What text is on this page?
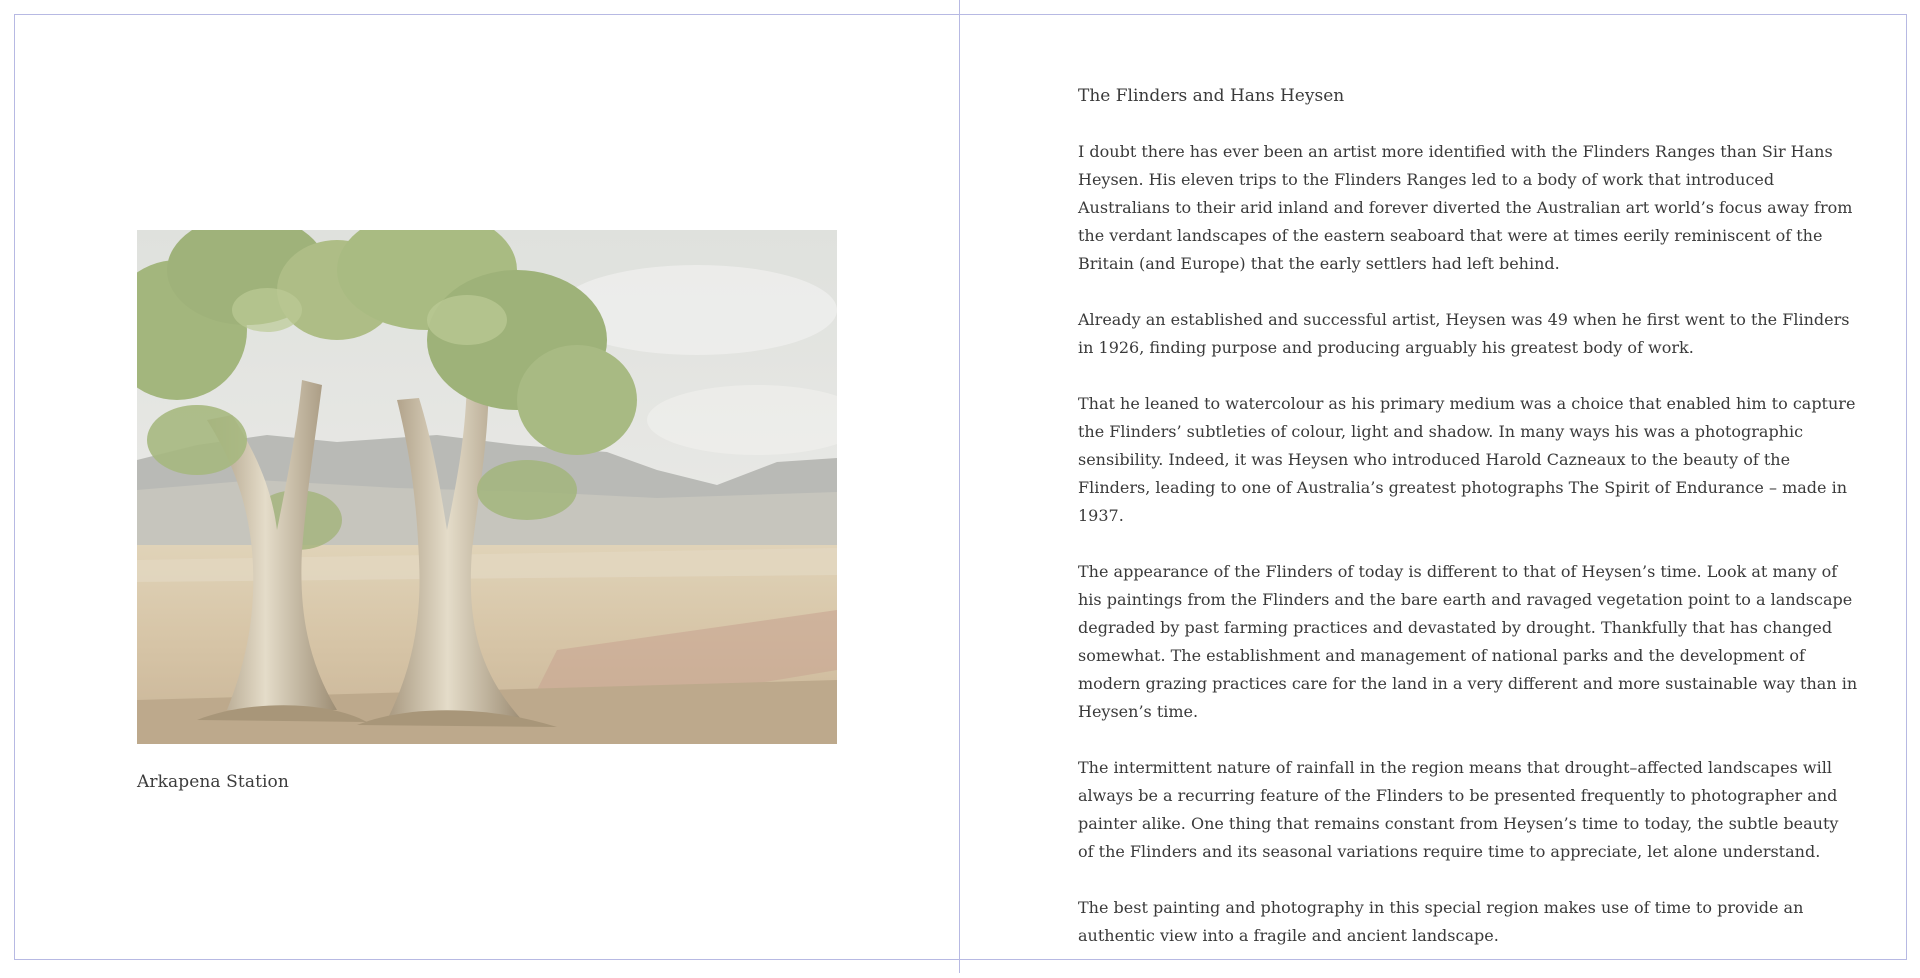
Arkapena Station
The Flinders and Hans Heysen

I doubt there has ever been an artist more identified with the Flinders Ranges than Sir Hans Heysen. His eleven trips to the Flinders Ranges led to a body of work that introduced Australians to their arid inland and forever diverted the Australian art world’s focus away from the verdant landscapes of the eastern seaboard that were at times eerily reminiscent of the Britain (and Europe) that the early settlers had left behind.

Already an established and successful artist, Heysen was 49 when he first went to the Flinders in 1926, finding purpose and producing arguably his greatest body of work.

That he leaned to watercolour as his primary medium was a choice that enabled him to capture the Flinders’ subtleties of colour, light and shadow. In many ways his was a photographic sensibility. Indeed, it was Heysen who introduced Harold Cazneaux to the beauty of the Flinders, leading to one of Australia’s greatest photographs The Spirit of Endurance – made in 1937.

The appearance of the Flinders of today is different to that of Heysen’s time. Look at many of his paintings from the Flinders and the bare earth and ravaged vegetation point to a landscape degraded by past farming practices and devastated by drought. Thankfully that has changed somewhat. The establishment and management of national parks and the development of modern grazing practices care for the land in a very different and more sustainable way than in Heysen’s time.

The intermittent nature of rainfall in the region means that drought–affected landscapes will always be a recurring feature of the Flinders to be presented frequently to photographer and painter alike. One thing that remains constant from Heysen’s time to today, the subtle beauty of the Flinders and its seasonal variations require time to appreciate, let alone understand.

The best painting and photography in this special region makes use of time to provide an authentic view into a fragile and ancient landscape.
